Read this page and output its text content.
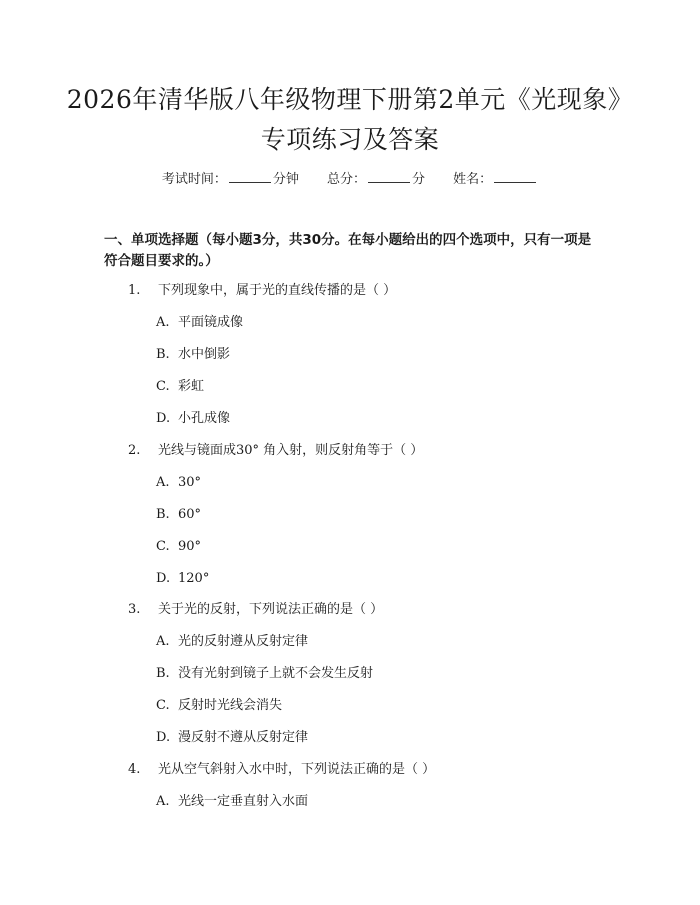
2026年清华版八年级物理下册第2单元《光现象》专项练习及答案
考试时间：	分钟 总分：	分 姓名：
一、单项选择题（每小题3分，共30分。在每小题给出的四个选项中，只有一项是符合题目要求的。）
1. 下列现象中，属于光的直线传播的是（ ）
A. 平面镜成像
B. 水中倒影
C. 彩虹
D. 小孔成像
2. 光线与镜面成30° 角入射，则反射角等于（ ）
A. 30°
B. 60°
C. 90°
D. 120°
3. 关于光的反射，下列说法正确的是（ ）
A. 光的反射遵从反射定律
B. 没有光射到镜子上就不会发生反射
C. 反射时光线会消失
D. 漫反射不遵从反射定律
4. 光从空气斜射入水中时，下列说法正确的是（ ）
A. 光线一定垂直射入水面
